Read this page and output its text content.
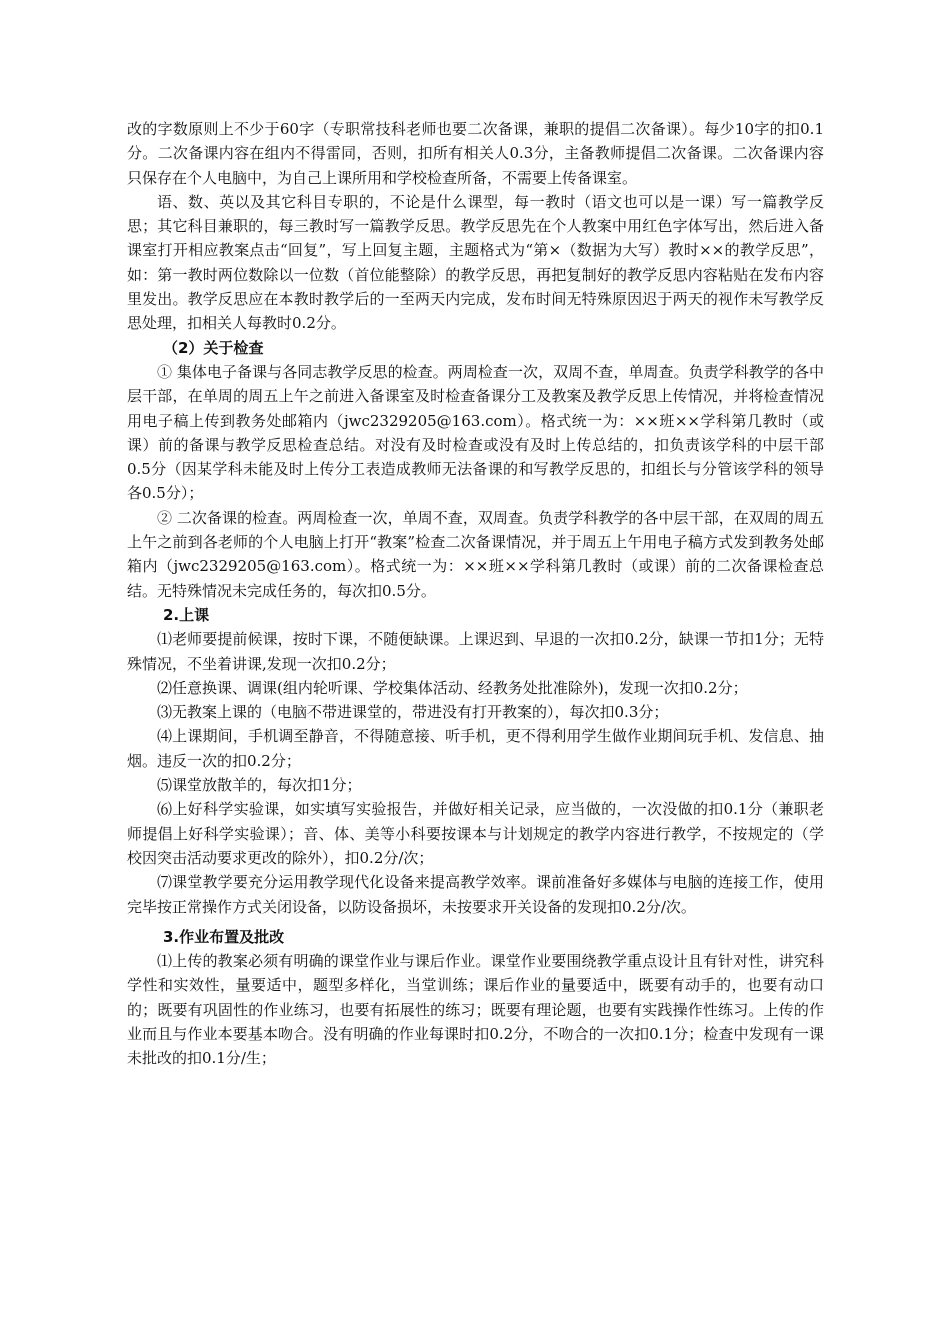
改的字数原则上不少于60字（专职常技科老师也要二次备课，兼职的提倡二次备课）。每少10字的扣0.1分。二次备课内容在组内不得雷同，否则，扣所有相关人0.3分，主备教师提倡二次备课。二次备课内容只保存在个人电脑中，为自己上课所用和学校检查所备，不需要上传备课室。

语、数、英以及其它科目专职的，不论是什么课型，每一教时（语文也可以是一课）写一篇教学反思；其它科目兼职的，每三教时写一篇教学反思。教学反思先在个人教案中用红色字体写出，然后进入备课室打开相应教案点击“回复”，写上回复主题，主题格式为“第×（数据为大写）教时××的教学反思”，如：第一教时两位数除以一位数（首位能整除）的教学反思，再把复制好的教学反思内容粘贴在发布内容里发出。教学反思应在本教时教学后的一至两天内完成，发布时间无特殊原因迟于两天的视作未写教学反思处理，扣相关人每教时0.2分。

（2）关于检查

① 集体电子备课与各同志教学反思的检查。两周检查一次，双周不查，单周查。负责学科教学的各中层干部，在单周的周五上午之前进入备课室及时检查备课分工及教案及教学反思上传情况，并将检查情况用电子稿上传到教务处邮箱内（jwc2329205@163.com）。格式统一为：××班××学科第几教时（或课）前的备课与教学反思检查总结。对没有及时检查或没有及时上传总结的，扣负责该学科的中层干部0.5分（因某学科未能及时上传分工表造成教师无法备课的和写教学反思的，扣组长与分管该学科的领导各0.5分）；

② 二次备课的检查。两周检查一次，单周不查，双周查。负责学科教学的各中层干部，在双周的周五上午之前到各老师的个人电脑上打开“教案”检查二次备课情况，并于周五上午用电子稿方式发到教务处邮箱内（jwc2329205@163.com）。格式统一为：××班××学科第几教时（或课）前的二次备课检查总结。无特殊情况未完成任务的，每次扣0.5分。

2.上课

⑴老师要提前候课，按时下课，不随便缺课。上课迟到、早退的一次扣0.2分，缺课一节扣1分；无特殊情况，不坐着讲课,发现一次扣0.2分；

⑵任意换课、调课(组内轮听课、学校集体活动、经教务处批准除外)，发现一次扣0.2分；

⑶无教案上课的（电脑不带进课堂的，带进没有打开教案的），每次扣0.3分；

⑷上课期间，手机调至静音，不得随意接、听手机，更不得利用学生做作业期间玩手机、发信息、抽烟。违反一次的扣0.2分；

⑸课堂放散羊的，每次扣1分；

⑹上好科学实验课，如实填写实验报告，并做好相关记录，应当做的，一次没做的扣0.1分（兼职老师提倡上好科学实验课）；音、体、美等小科要按课本与计划规定的教学内容进行教学，不按规定的（学校因突击活动要求更改的除外），扣0.2分/次；

⑺课堂教学要充分运用教学现代化设备来提高教学效率。课前准备好多媒体与电脑的连接工作，使用完毕按正常操作方式关闭设备，以防设备损坏，未按要求开关设备的发现扣0.2分/次。

3.作业布置及批改

⑴上传的教案必须有明确的课堂作业与课后作业。课堂作业要围绕教学重点设计且有针对性，讲究科学性和实效性，量要适中，题型多样化，当堂训练；课后作业的量要适中，既要有动手的，也要有动口的；既要有巩固性的作业练习，也要有拓展性的练习；既要有理论题，也要有实践操作性练习。上传的作业而且与作业本要基本吻合。没有明确的作业每课时扣0.2分，不吻合的一次扣0.1分；检查中发现有一课未批改的扣0.1分/生；
